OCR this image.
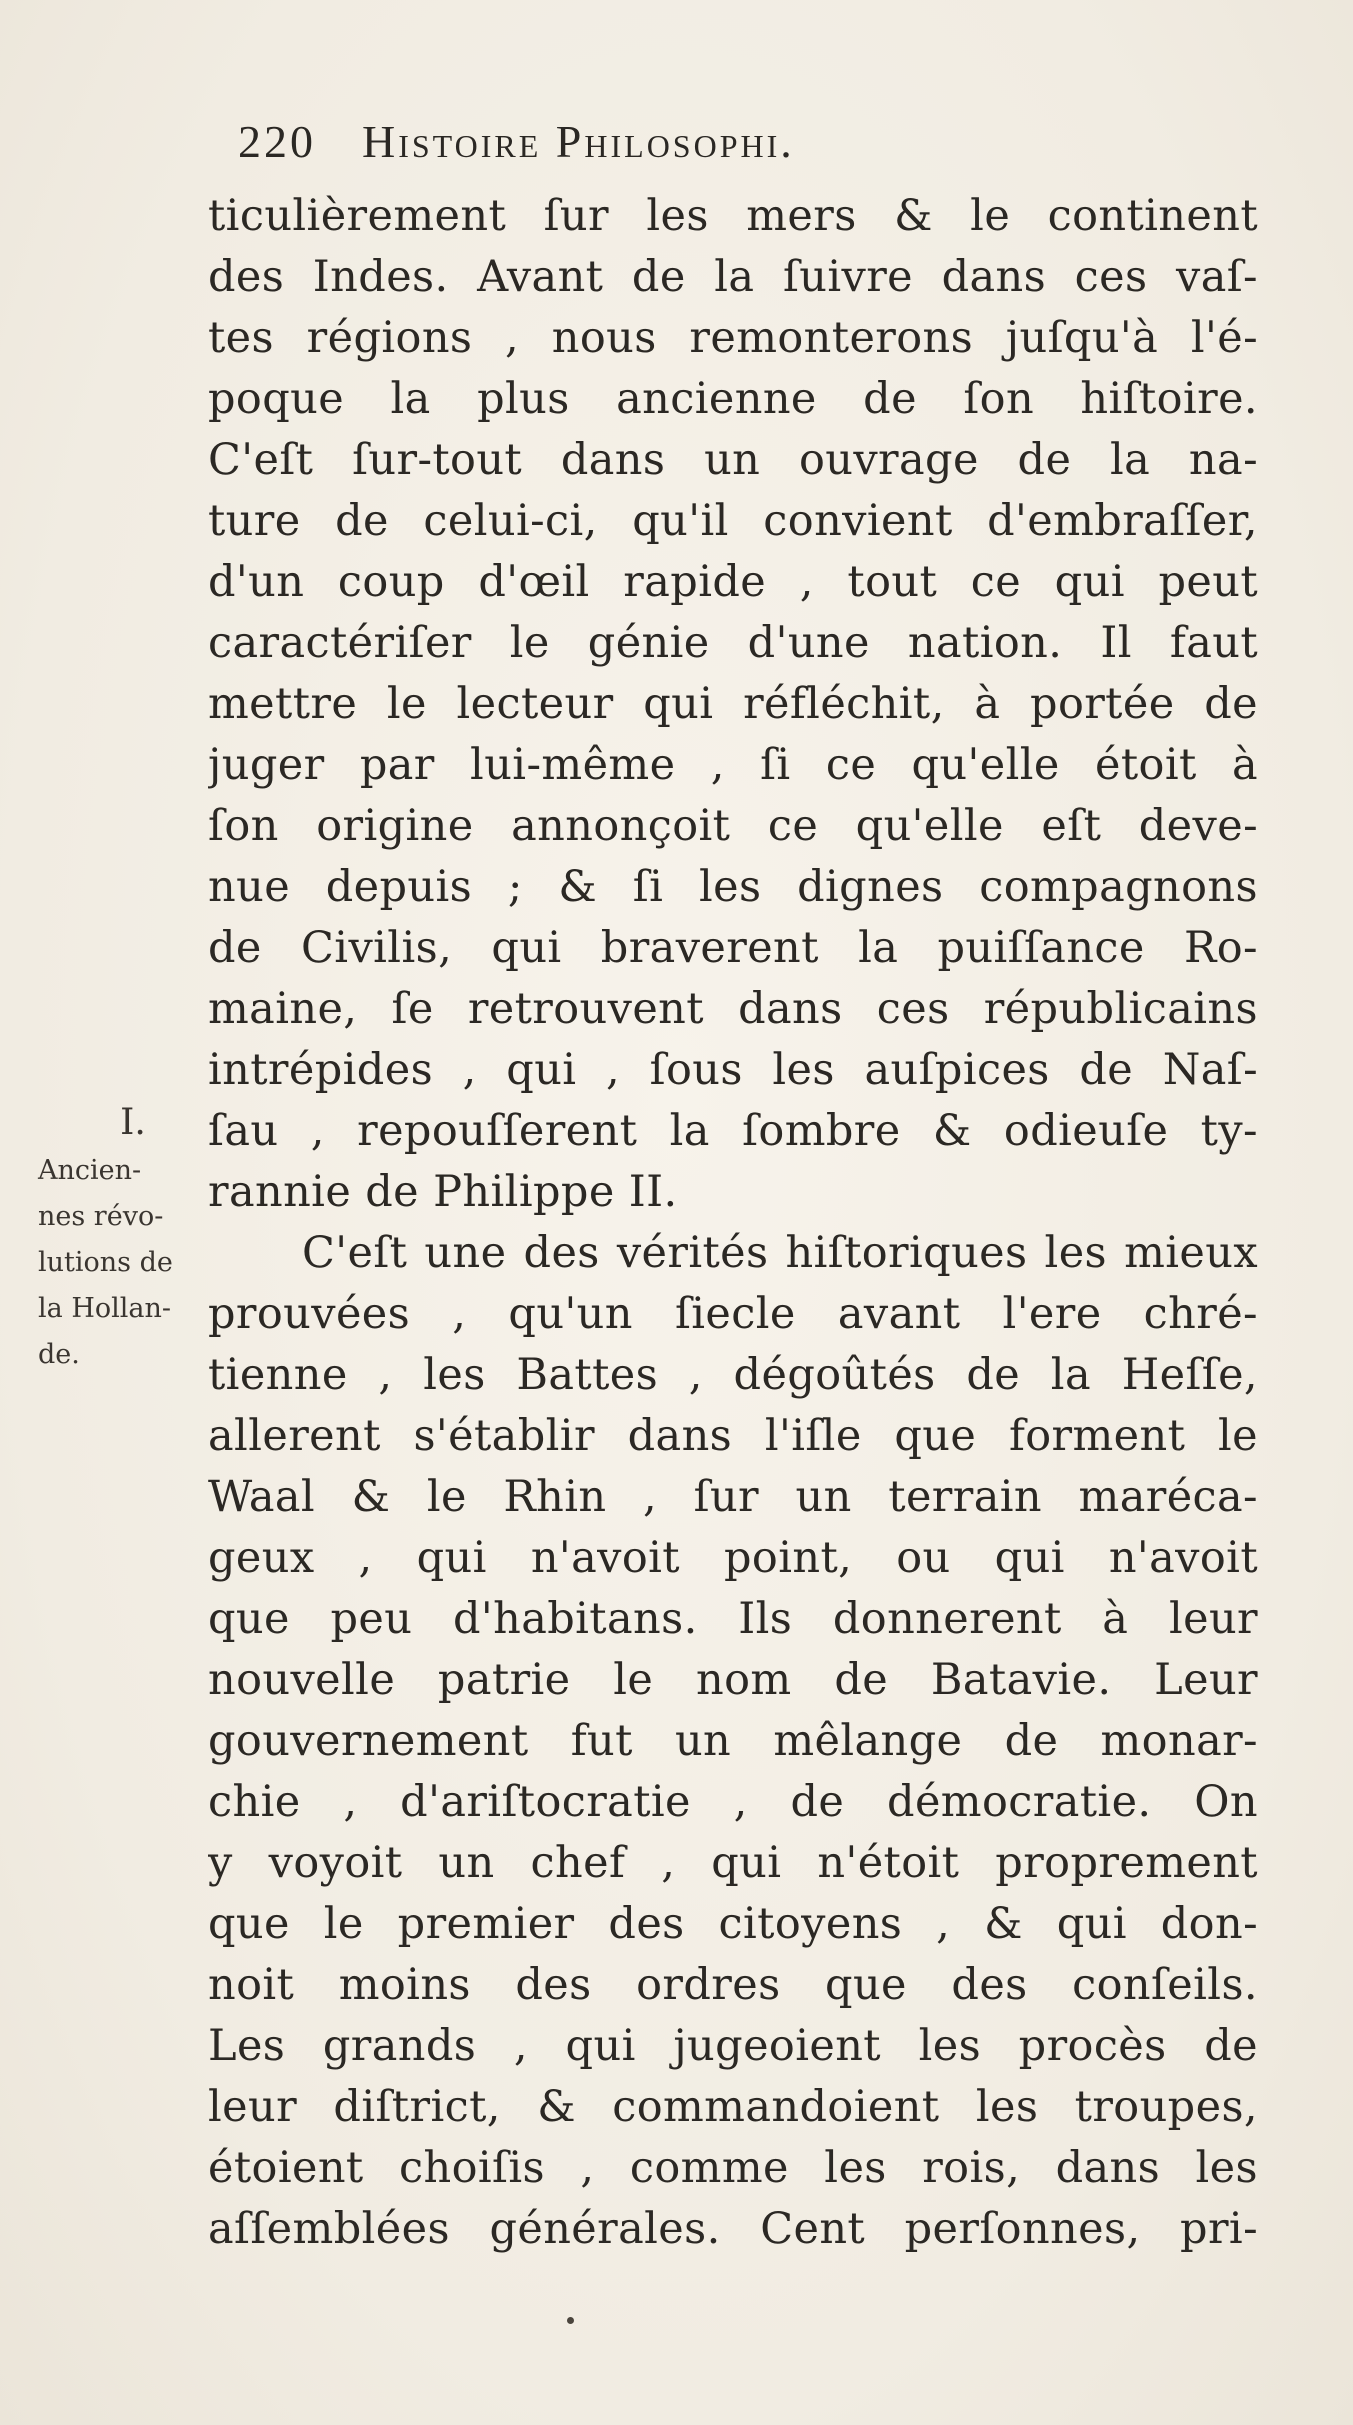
220 Histoire Philosophi.
ticulièrement ſur les mers & le continent
des Indes. Avant de la ſuivre dans ces vaſ-
tes régions , nous remonterons juſqu'à l'é-
poque la plus ancienne de ſon hiſtoire.
C'eſt ſur-tout dans un ouvrage de la na-
ture de celui-ci, qu'il convient d'embraſſer,
d'un coup d'œil rapide , tout ce qui peut
caractériſer le génie d'une nation. Il faut
mettre le lecteur qui réfléchit, à portée de
juger par lui-même , ſi ce qu'elle étoit à
ſon origine annonçoit ce qu'elle eſt deve-
nue depuis ; & ſi les dignes compagnons
de Civilis, qui braverent la puiſſance Ro-
maine, ſe retrouvent dans ces républicains
intrépides , qui , ſous les auſpices de Naſ-
ſau , repouſſerent la ſombre & odieuſe ty-
rannie de Philippe II.
C'eſt une des vérités hiſtoriques les mieux
prouvées , qu'un ſiecle avant l'ere chré-
tienne , les Battes , dégoûtés de la Heſſe,
allerent s'établir dans l'iſle que forment le
Waal & le Rhin , ſur un terrain maréca-
geux , qui n'avoit point, ou qui n'avoit
que peu d'habitans. Ils donnerent à leur
nouvelle patrie le nom de Batavie. Leur
gouvernement fut un mêlange de monar-
chie , d'ariſtocratie , de démocratie. On
y voyoit un chef , qui n'étoit proprement
que le premier des citoyens , & qui don-
noit moins des ordres que des conſeils.
Les grands , qui jugeoient les procès de
leur diſtrict, & commandoient les troupes,
étoient choiſis , comme les rois, dans les
aſſemblées générales. Cent perſonnes, pri-
I.
Ancien-
nes révo-
lutions de
la Hollan-
de.
